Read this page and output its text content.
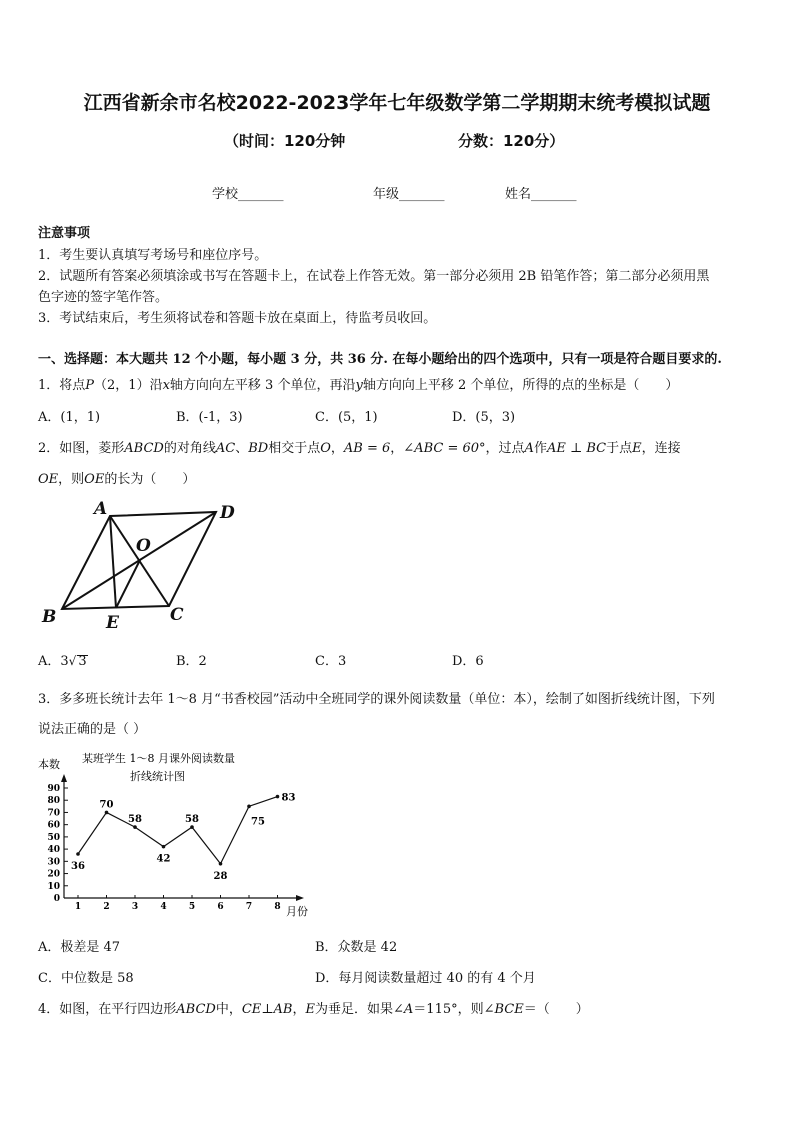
江西省新余市名校2022-2023学年七年级数学第二学期期末统考模拟试题
（时间：120分钟	分数：120分）
学校_______	年级_______	姓名_______
注意事项
1．考生要认真填写考场号和座位序号。
2．试题所有答案必须填涂或书写在答题卡上，在试卷上作答无效。第一部分必须用 2B 铅笔作答；第二部分必须用黑
色字迹的签字笔作答。
3．考试结束后，考生须将试卷和答题卡放在桌面上，待监考员收回。
一、选择题：本大题共 12 个小题，每小题 3 分，共 36 分. 在每小题给出的四个选项中，只有一项是符合题目要求的.
1．将点P（2，1）沿x轴方向向左平移 3 个单位，再沿y轴方向向上平移 2 个单位，所得的点的坐标是（　　）
A．(1，1)	B．(-1，3)	C．(5，1)	D．(5，3)
2．如图，菱形ABCD的对角线AC、BD相交于点O，AB = 6，∠ABC = 60°，过点A作AE ⊥ BC于点E，连接
OE，则OE的长为（　　）
A	D
O
B	C
E
A．3√ 3	B．2	C．3	D．6
3．多多班长统计去年 1～8 月“书香校园”活动中全班同学的课外阅读数量（单位：本），绘制了如图折线统计图，下列
说法正确的是（ ）
某班学生 1～8 月课外阅读数量
折线统计图
本数
月份
0
10
20
30
40
50
60
70
80
90
1 2 3 4 5 6 7 8
36
70
58
42
58
28
75
83
A．极差是 47	B．众数是 42
C．中位数是 58	D．每月阅读数量超过 40 的有 4 个月
4．如图，在平行四边形ABCD中，CE⊥AB，E为垂足．如果∠A＝115°，则∠BCE＝（　　）
